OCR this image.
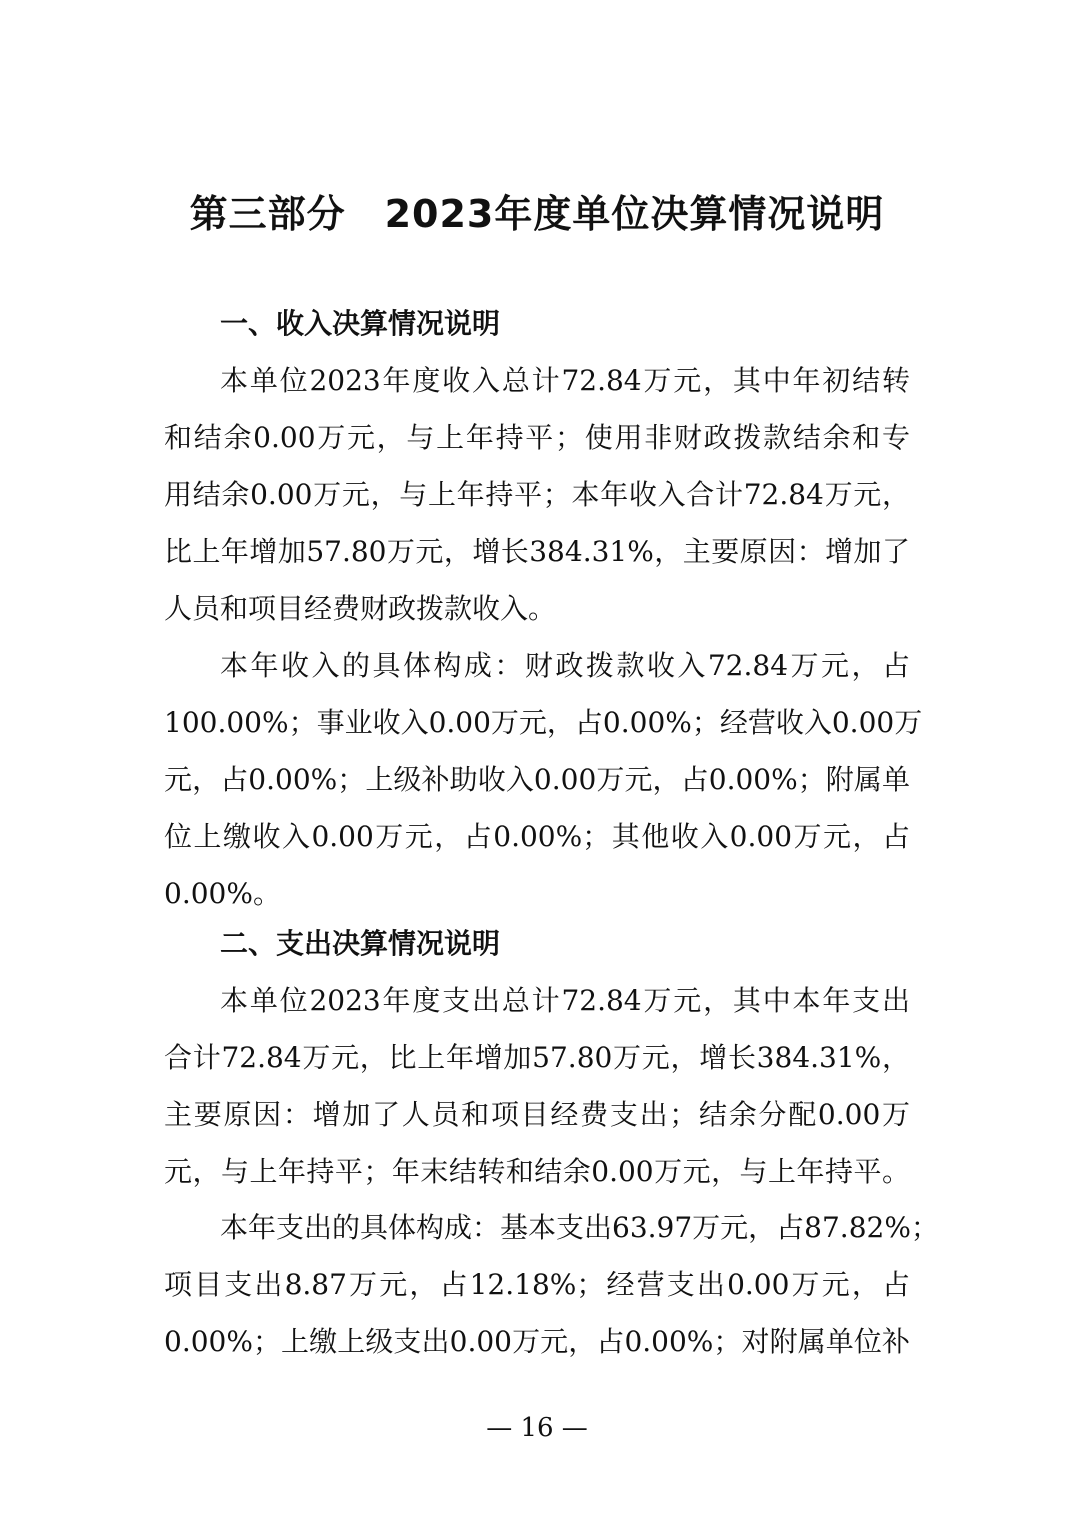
第三部分　2023年度单位决算情况说明
一、收入决算情况说明
本单位2023年度收入总计72.84万元，其中年初结转
和结余0.00万元，与上年持平；使用非财政拨款结余和专
用结余0.00万元，与上年持平；本年收入合计72.84万元，
比上年增加57.80万元，增长384.31%，主要原因：增加了
人员和项目经费财政拨款收入。
本年收入的具体构成：财政拨款收入72.84万元，占
100.00%；事业收入0.00万元，占0.00%；经营收入0.00万
元，占0.00%；上级补助收入0.00万元，占0.00%；附属单
位上缴收入0.00万元，占0.00%；其他收入0.00万元，占
0.00%。
二、支出决算情况说明
本单位2023年度支出总计72.84万元，其中本年支出
合计72.84万元，比上年增加57.80万元，增长384.31%，
主要原因：增加了人员和项目经费支出；结余分配0.00万
元，与上年持平；年末结转和结余0.00万元，与上年持平。
本年支出的具体构成：基本支出63.97万元，占87.82%；
项目支出8.87万元，占12.18%；经营支出0.00万元，占
0.00%；上缴上级支出0.00万元，占0.00%；对附属单位补
— 16 —
